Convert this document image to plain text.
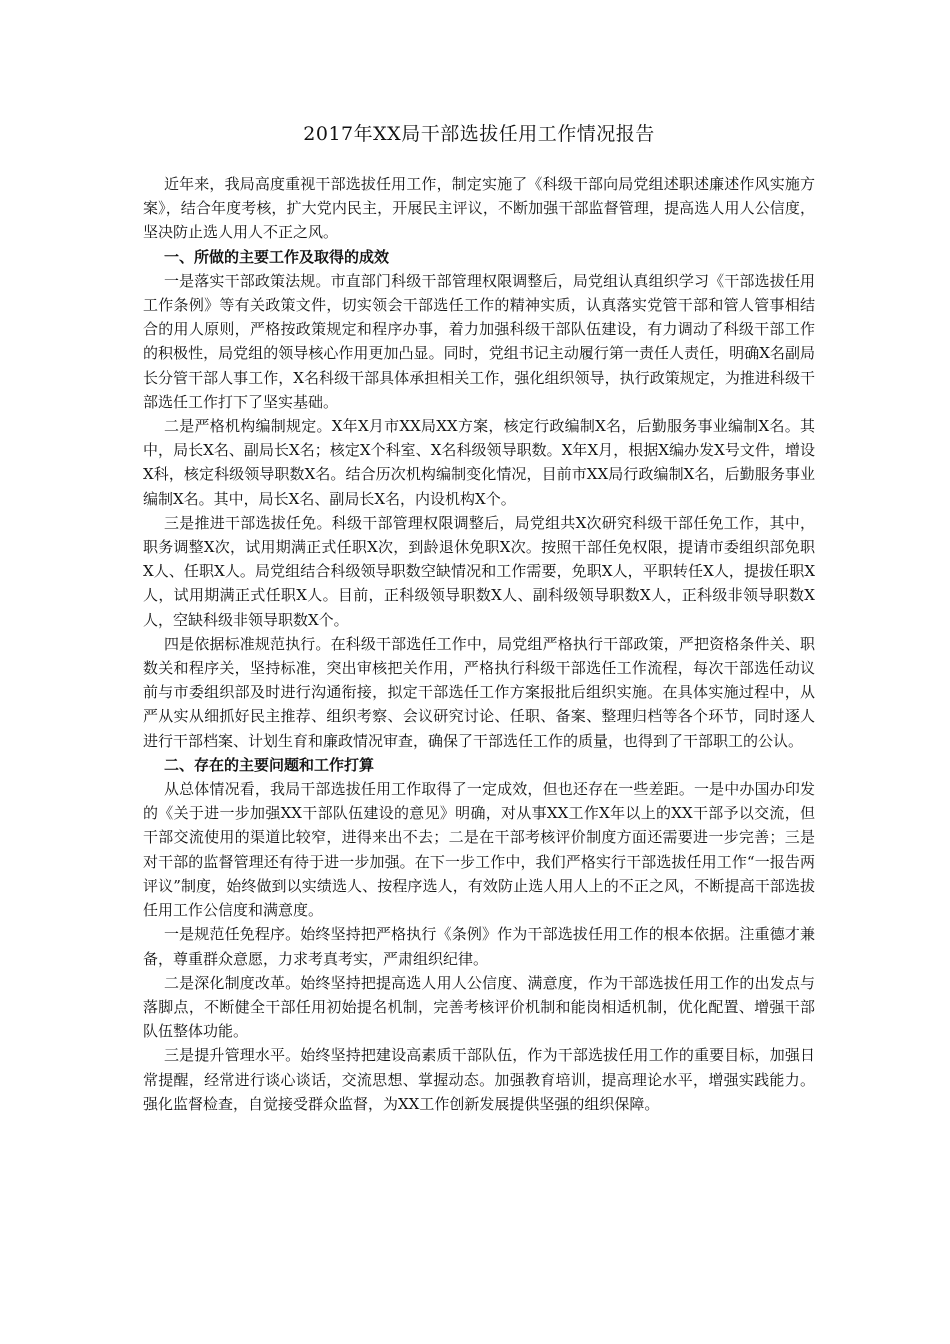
2017年XX局干部选拔任用工作情况报告

近年来，我局高度重视干部选拔任用工作，制定实施了《科级干部向局党组述职述廉述作风实施方案》，结合年度考核，扩大党内民主，开展民主评议，不断加强干部监督管理，提高选人用人公信度，坚决防止选人用人不正之风。

一、所做的主要工作及取得的成效

一是落实干部政策法规。市直部门科级干部管理权限调整后，局党组认真组织学习《干部选拔任用工作条例》等有关政策文件，切实领会干部选任工作的精神实质，认真落实党管干部和管人管事相结合的用人原则，严格按政策规定和程序办事，着力加强科级干部队伍建设，有力调动了科级干部工作的积极性，局党组的领导核心作用更加凸显。同时，党组书记主动履行第一责任人责任，明确X名副局长分管干部人事工作，X名科级干部具体承担相关工作，强化组织领导，执行政策规定，为推进科级干部选任工作打下了坚实基础。

二是严格机构编制规定。X年X月市XX局XX方案，核定行政编制X名，后勤服务事业编制X名。其中，局长X名、副局长X名；核定X个科室、X名科级领导职数。X年X月，根据X编办发X号文件，增设X科，核定科级领导职数X名。结合历次机构编制变化情况，目前市XX局行政编制X名，后勤服务事业编制X名。其中，局长X名、副局长X名，内设机构X个。

三是推进干部选拔任免。科级干部管理权限调整后，局党组共X次研究科级干部任免工作，其中，职务调整X次，试用期满正式任职X次，到龄退休免职X次。按照干部任免权限，提请市委组织部免职X人、任职X人。局党组结合科级领导职数空缺情况和工作需要，免职X人，平职转任X人，提拔任职X人，试用期满正式任职X人。目前，正科级领导职数X人、副科级领导职数X人，正科级非领导职数X人，空缺科级非领导职数X个。

四是依据标准规范执行。在科级干部选任工作中，局党组严格执行干部政策，严把资格条件关、职数关和程序关，坚持标准，突出审核把关作用，严格执行科级干部选任工作流程，每次干部选任动议前与市委组织部及时进行沟通衔接，拟定干部选任工作方案报批后组织实施。在具体实施过程中，从严从实从细抓好民主推荐、组织考察、会议研究讨论、任职、备案、整理归档等各个环节，同时逐人进行干部档案、计划生育和廉政情况审查，确保了干部选任工作的质量，也得到了干部职工的公认。

二、存在的主要问题和工作打算

从总体情况看，我局干部选拔任用工作取得了一定成效，但也还存在一些差距。一是中办国办印发的《关于进一步加强XX干部队伍建设的意见》明确，对从事XX工作X年以上的XX干部予以交流，但干部交流使用的渠道比较窄，进得来出不去；二是在干部考核评价制度方面还需要进一步完善；三是对干部的监督管理还有待于进一步加强。在下一步工作中，我们严格实行干部选拔任用工作“一报告两评议”制度，始终做到以实绩选人、按程序选人，有效防止选人用人上的不正之风，不断提高干部选拔任用工作公信度和满意度。

一是规范任免程序。始终坚持把严格执行《条例》作为干部选拔任用工作的根本依据。注重德才兼备，尊重群众意愿，力求考真考实，严肃组织纪律。

二是深化制度改革。始终坚持把提高选人用人公信度、满意度，作为干部选拔任用工作的出发点与落脚点，不断健全干部任用初始提名机制，完善考核评价机制和能岗相适机制，优化配置、增强干部队伍整体功能。

三是提升管理水平。始终坚持把建设高素质干部队伍，作为干部选拔任用工作的重要目标，加强日常提醒，经常进行谈心谈话，交流思想、掌握动态。加强教育培训，提高理论水平，增强实践能力。强化监督检查，自觉接受群众监督，为XX工作创新发展提供坚强的组织保障。
